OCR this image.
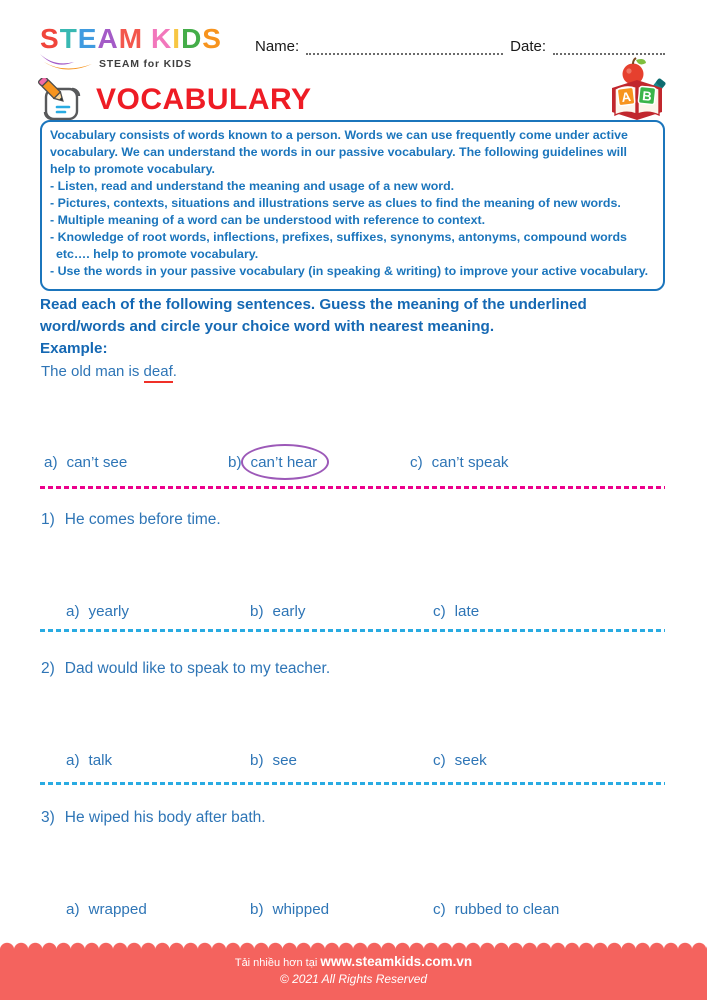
STEAM KIDS
STEAM for KIDS
Name:	Date:
A B
VOCABULARY
Vocabulary consists of words known to a person. Words we can use frequently come under active vocabulary. We can understand the words in our passive vocabulary. The following guidelines will help to promote vocabulary.
- Listen, read and understand the meaning and usage of a new word.
- Pictures, contexts, situations and illustrations serve as clues to find the meaning of new words.
- Multiple meaning of a word can be understood with reference to context.
- Knowledge of root words, inflections, prefixes, suffixes, synonyms, antonyms, compound words etc…. help to promote vocabulary.
- Use the words in your passive vocabulary (in speaking & writing) to improve your active vocabulary.
Read each of the following sentences. Guess the meaning of the underlined word/words and circle your choice word with nearest meaning.
Example:
The old man is deaf.
a) can’t see	b) can’t hear	c) can’t speak
1) He comes before time.
a) yearly	b) early	c) late
2) Dad would like to speak to my teacher.
a) talk	b) see	c) seek
3) He wiped his body after bath.
a) wrapped	b) whipped	c) rubbed to clean
Tải nhiều hơn tại www.steamkids.com.vn
© 2021 All Rights Reserved
